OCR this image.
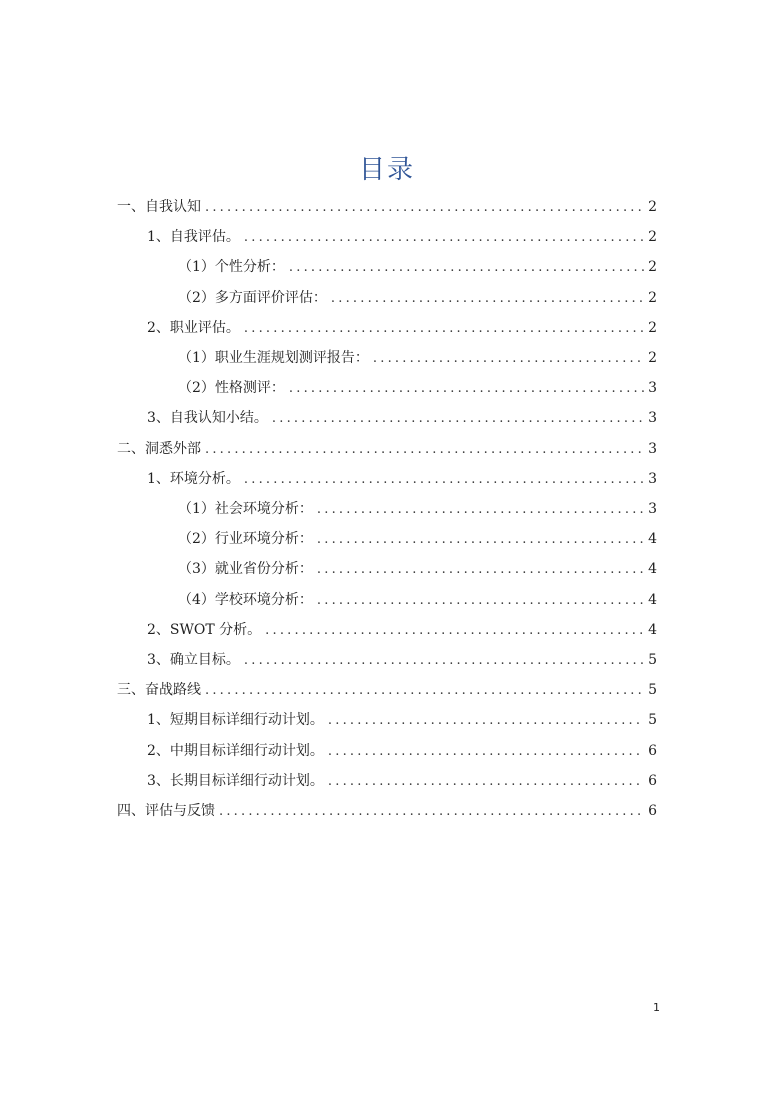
目录
一、自我认知 .....	2
1、自我评估。 .....	2
（1）个性分析： .....	2
（2）多方面评价评估： .....	2
2、职业评估。 .....	2
（1）职业生涯规划测评报告： .....	2
（2）性格测评： .....	3
3、自我认知小结。 .....	3
二、洞悉外部 .....	3
1、环境分析。 .....	3
（1）社会环境分析： .....	3
（2）行业环境分析： .....	4
（3）就业省份分析： .....	4
（4）学校环境分析： .....	4
2、SWOT 分析。 .....	4
3、确立目标。 .....	5
三、奋战路线 .....	5
1、短期目标详细行动计划。 .....	5
2、中期目标详细行动计划。 .....	6
3、长期目标详细行动计划。 .....	6
四、评估与反馈 .....	6
1
